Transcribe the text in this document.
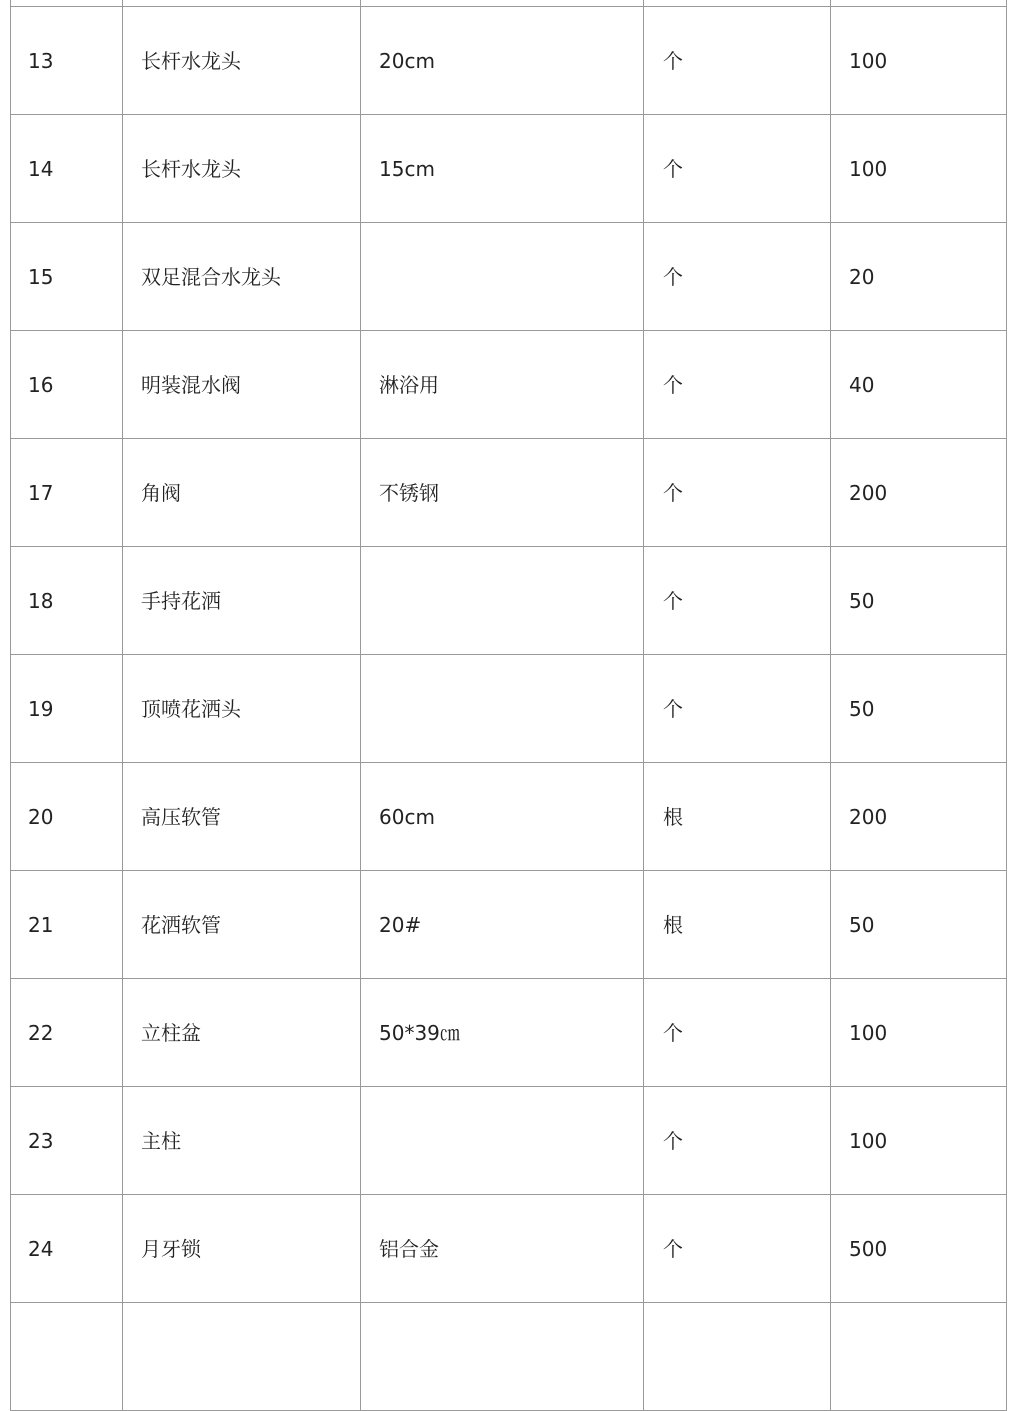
13	长杆水龙头	20cm	个	100
14	长杆水龙头	15cm	个	100
15	双足混合水龙头		个	20
16	明装混水阀	淋浴用	个	40
17	角阀	不锈钢	个	200
18	手持花洒		个	50
19	顶喷花洒头		个	50
20	高压软管	60cm	根	200
21	花洒软管	20#	根	50
22	立柱盆	50*39㎝	个	100
23	主柱		个	100
24	月牙锁	铝合金	个	500
